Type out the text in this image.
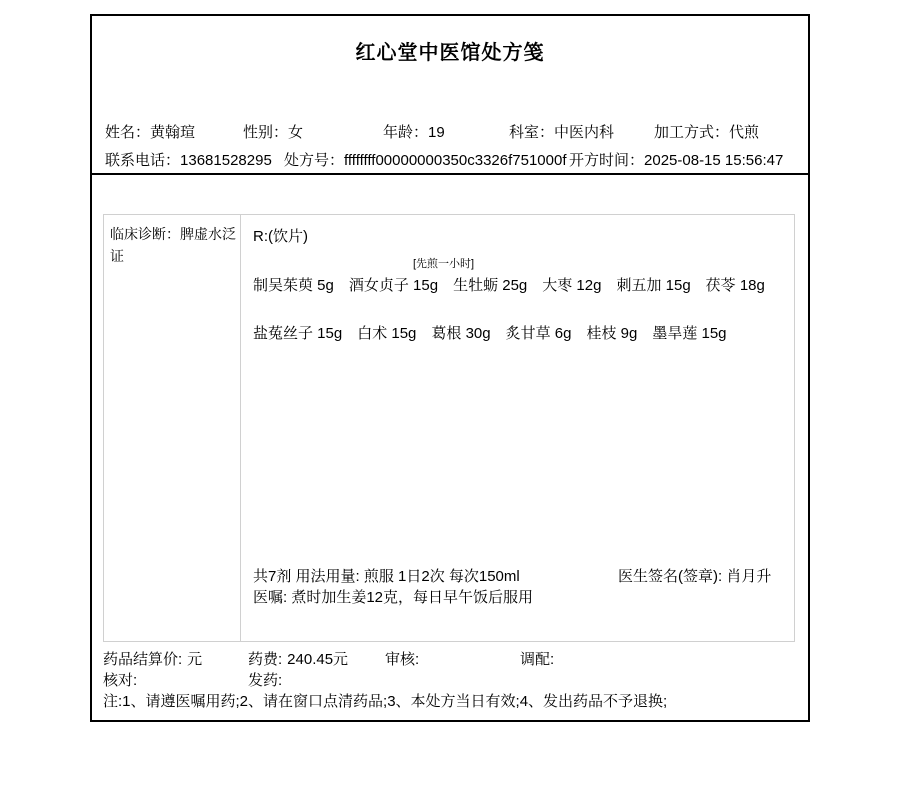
红心堂中医馆处方笺
姓名：黄翰瑄	性别：女	年龄：19	科室：中医内科	加工方式：代煎
联系电话：13681528295 处方号：ffffffff00000000350c3326f751000f 开方时间：2025-08-15 15:56:47
临床诊断：脾虚水泛证
R:(饮片)
[先煎一小时]
制吴茱萸 5g 酒女贞子 15g 生牡蛎 25g 大枣 12g 刺五加 15g 茯苓 18g
盐菟丝子 15g 白术 15g 葛根 30g 炙甘草 6g 桂枝 9g 墨旱莲 15g
共7剂 用法用量: 煎服 1日2次 每次150ml	医生签名(签章): 肖月升
医嘱: 煮时加生姜12克，每日早午饭后服用
药品结算价: 元	药费: 240.45元 审核:	调配:
核对:	发药:
注:1、请遵医嘱用药;2、请在窗口点清药品;3、本处方当日有效;4、发出药品不予退换;
